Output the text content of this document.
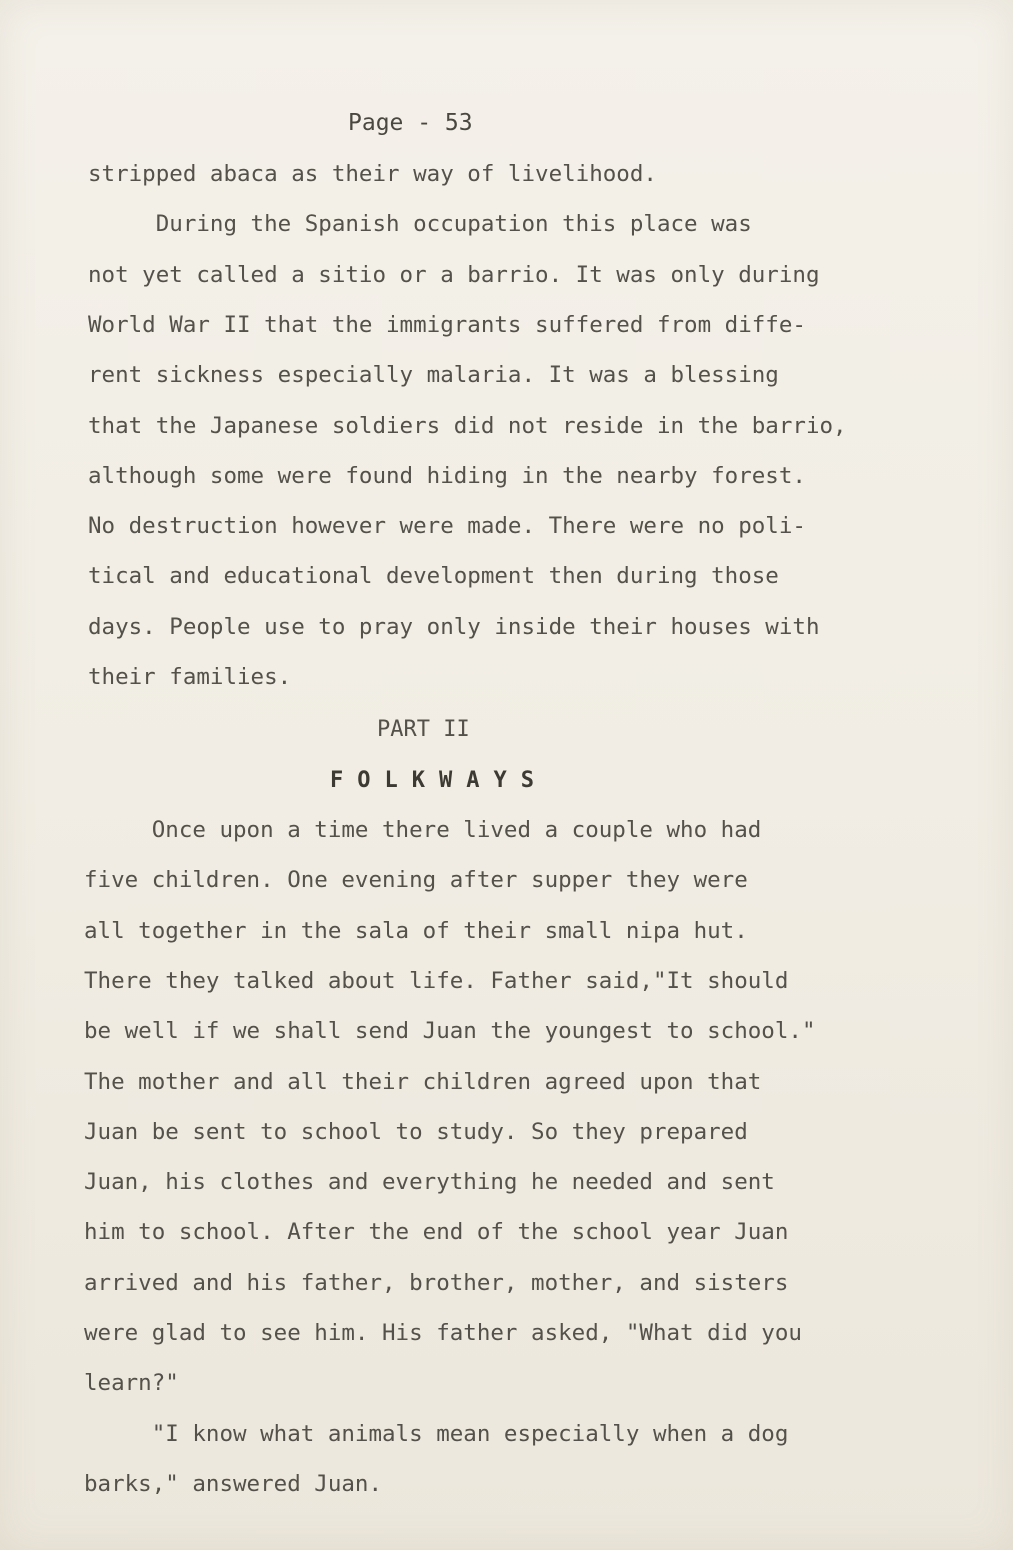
Page - 53
stripped abaca as their way of livelihood.
During the Spanish occupation this place was
not yet called a sitio or a barrio. It was only during
World War II that the immigrants suffered from diffe-
rent sickness especially malaria. It was a blessing
that the Japanese soldiers did not reside in the barrio,
although some were found hiding in the nearby forest.
No destruction however were made. There were no poli-
tical and educational development then during those
days. People use to pray only inside their houses with
their families.
PART II
FOLKWAYS
Once upon a time there lived a couple who had
five children. One evening after supper they were
all together in the sala of their small nipa hut.
There they talked about life. Father said,"It should
be well if we shall send Juan the youngest to school."
The mother and all their children agreed upon that
Juan be sent to school to study. So they prepared
Juan, his clothes and everything he needed and sent
him to school. After the end of the school year Juan
arrived and his father, brother, mother, and sisters
were glad to see him. His father asked, "What did you
learn?"
"I know what animals mean especially when a dog
barks," answered Juan.
